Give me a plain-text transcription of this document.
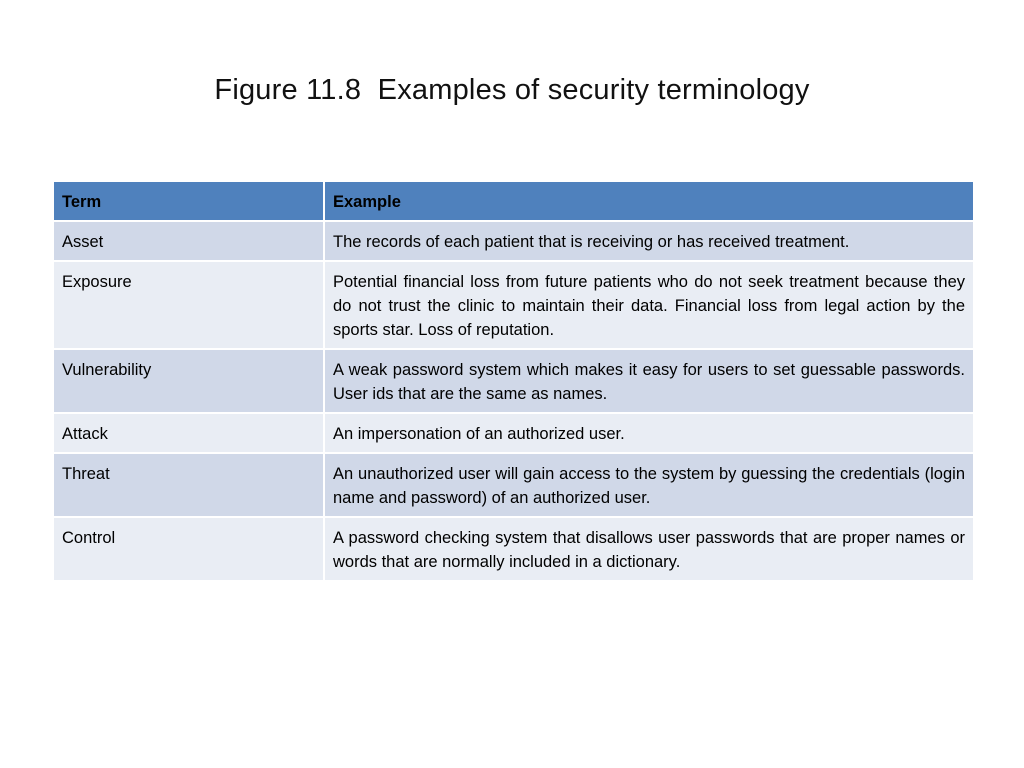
Figure 11.8  Examples of security terminology
Term	Example
Asset	The records of each patient that is receiving or has received treatment.
Exposure	Potential financial loss from future patients who do not seek treatment because they do not trust the clinic to maintain their data. Financial loss from legal action by the sports star. Loss of reputation.
Vulnerability	A weak password system which makes it easy for users to set guessable passwords. User ids that are the same as names.
Attack	An impersonation of an authorized user.
Threat	An unauthorized user will gain access to the system by guessing the credentials (login name and password) of an authorized user.
Control	A password checking system that disallows user passwords that are proper names or words that are normally included in a dictionary.
